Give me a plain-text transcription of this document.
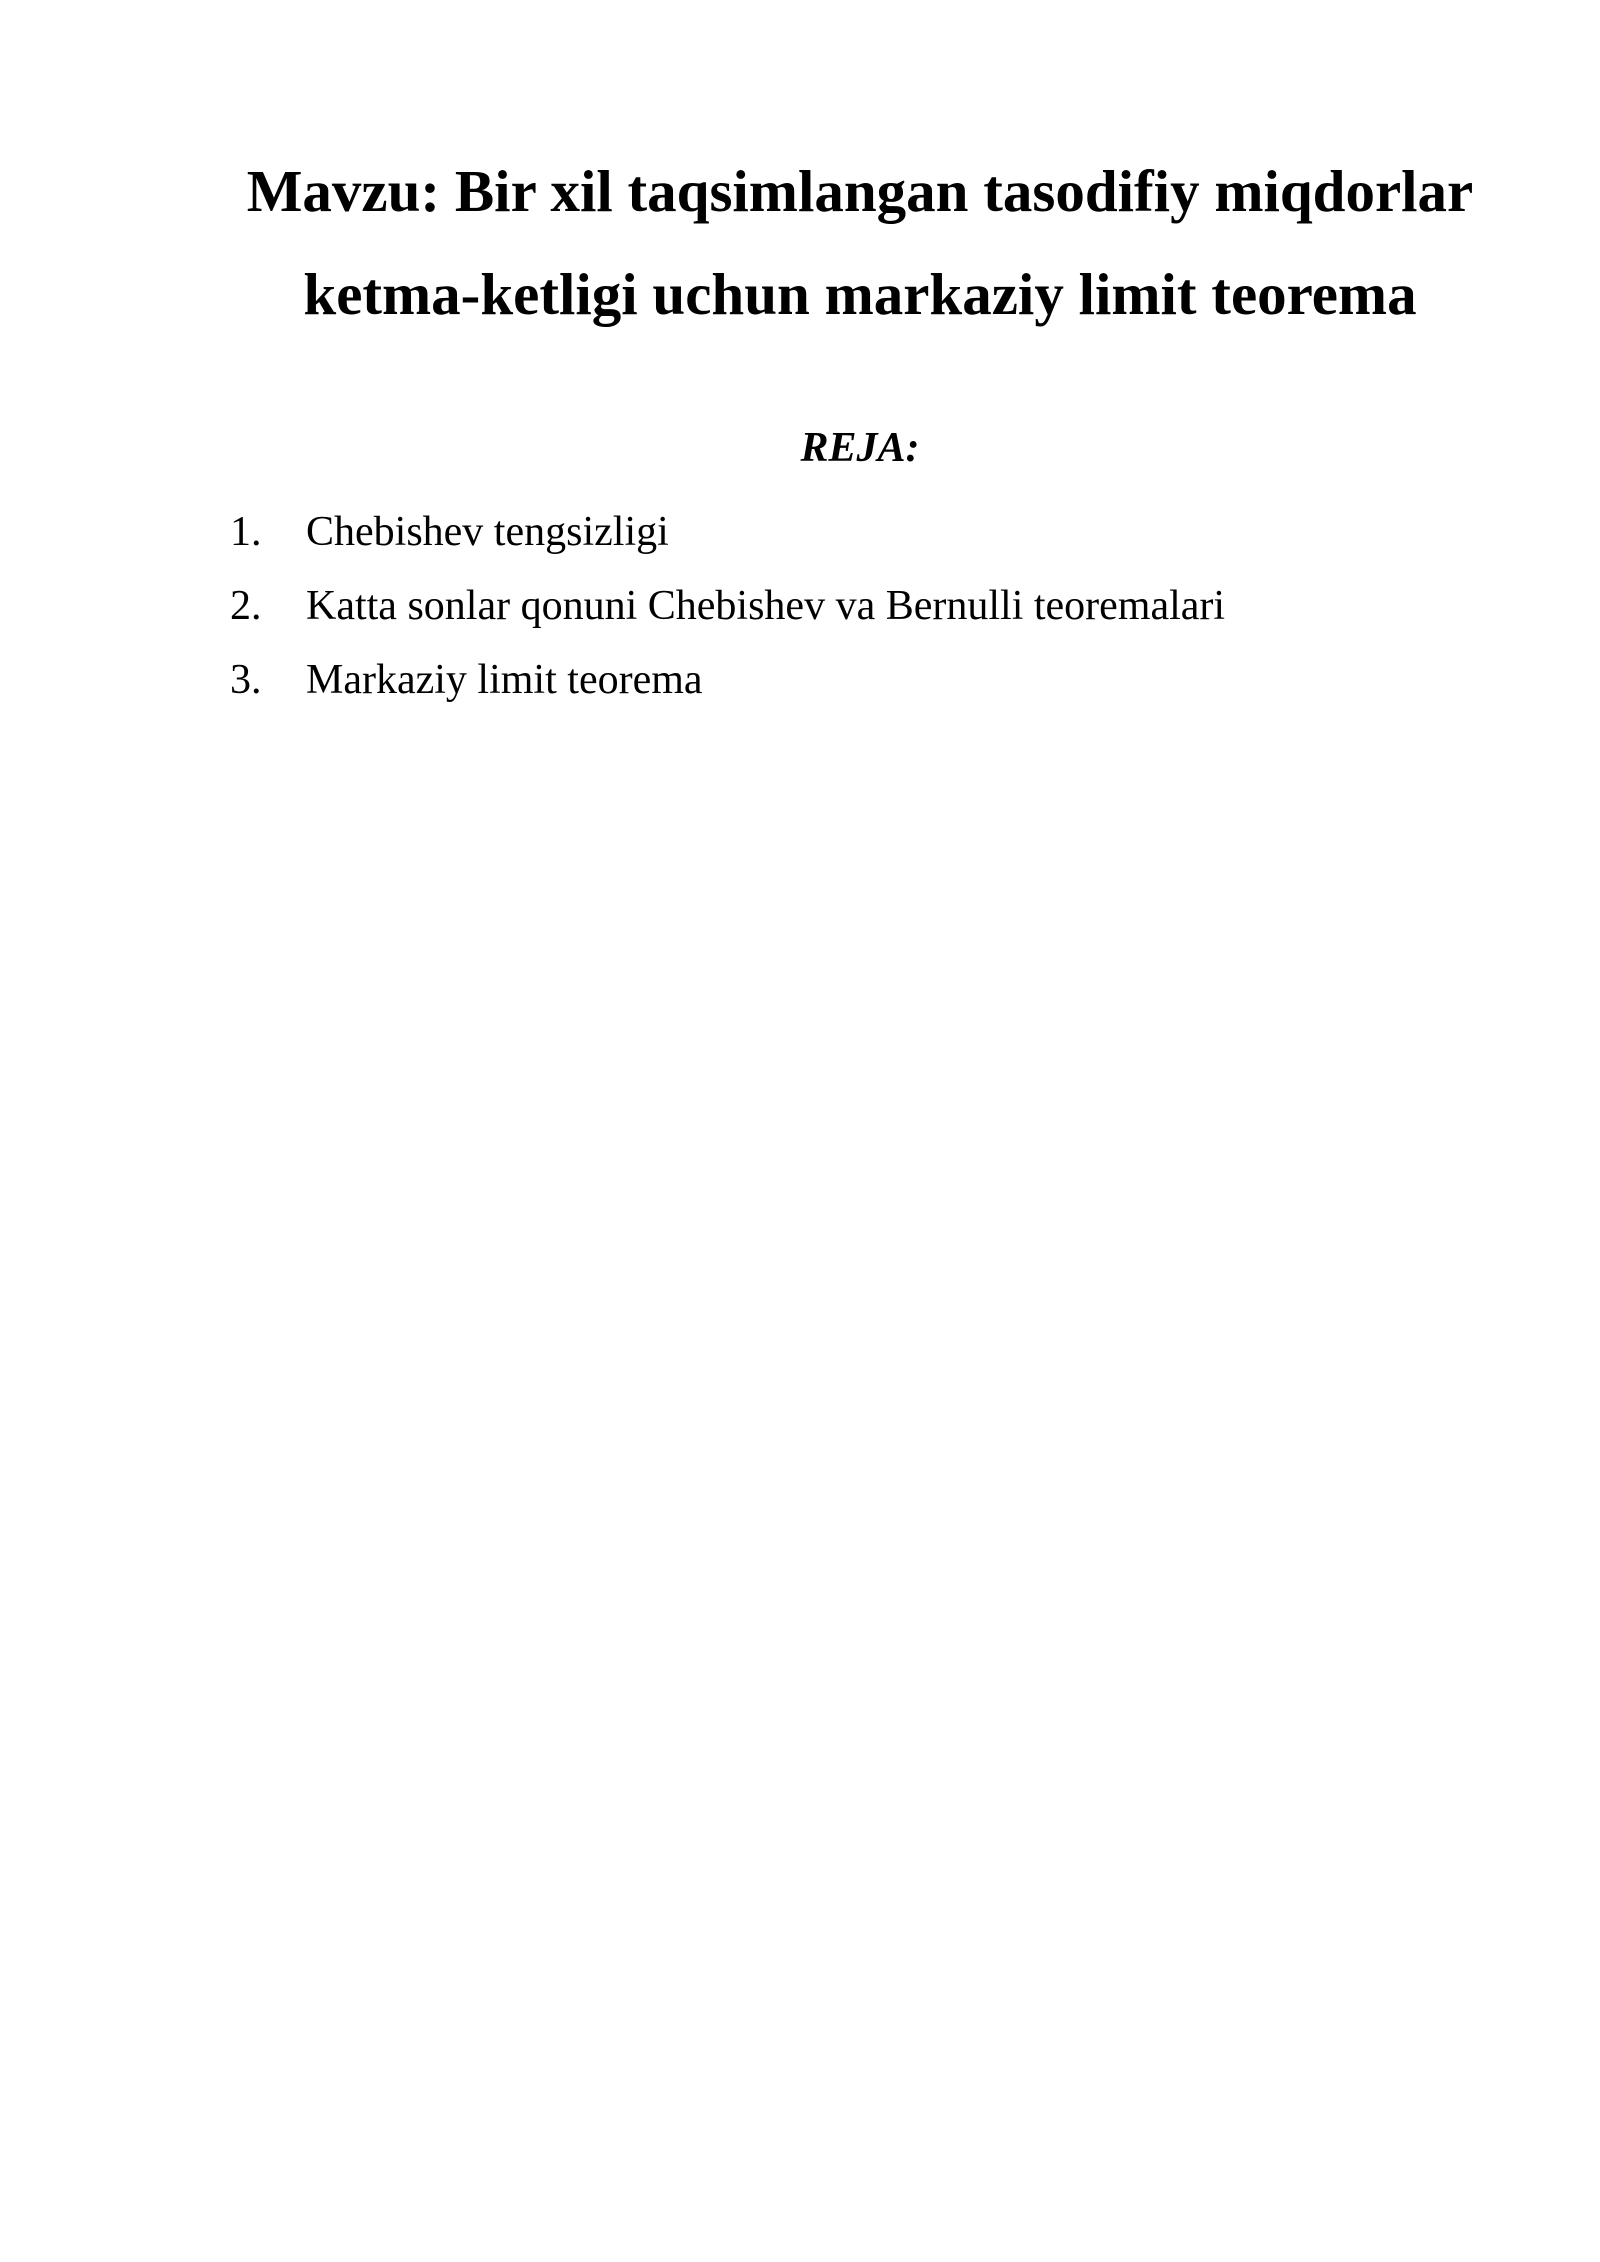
Mavzu: Bir xil taqsimlangan tasodifiy miqdorlar
ketma-ketligi uchun markaziy limit teorema
REJA:
1.	Chebishev tengsizligi
2.	Katta sonlar qonuni Chebishev va Bernulli teoremalari
3.	Markaziy limit teorema
